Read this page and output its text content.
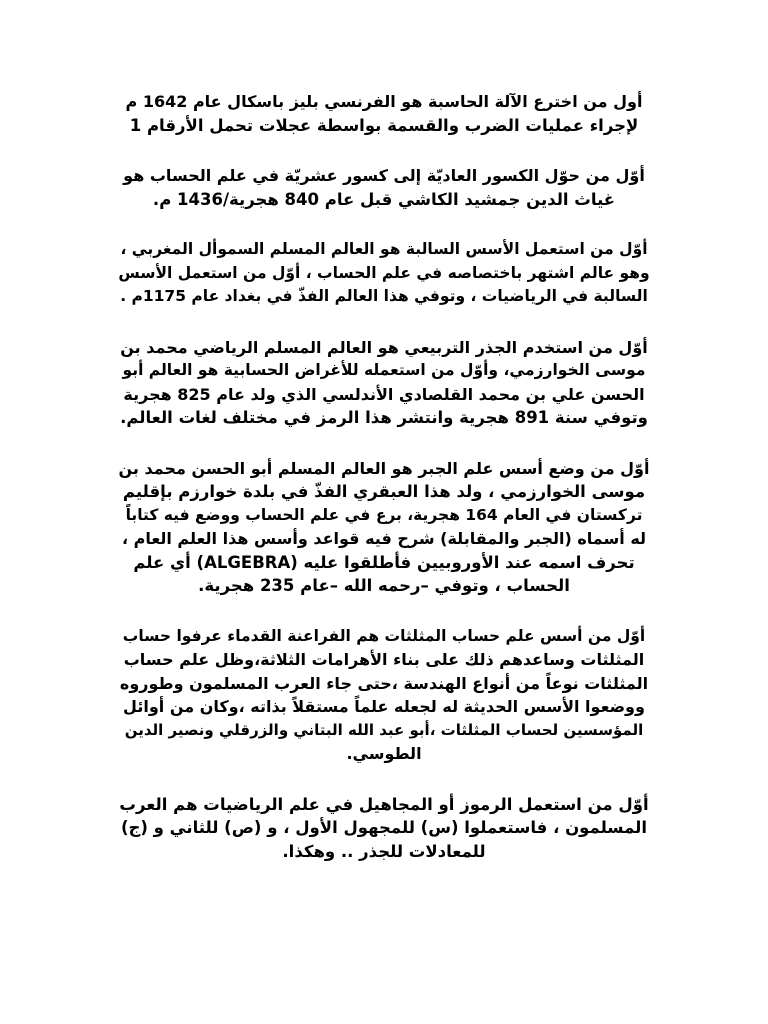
أول من اخترع الآلة الحاسبة هو الفرنسي بليز باسكال عام 1642 م
لإجراء عمليات الضرب والقسمة بواسطة عجلات تحمل الأرقام 1
أوّل من حوّل الكسور العاديّة إلى كسور عشريّة في علم الحساب هو
غياث الدين جمشيد الكاشي قبل عام 840 هجرية/1436 م.
أوّل من استعمل الأسس السالبة هو العالم المسلم السموأل المغربي ،
وهو عالم اشتهر باختصاصه في علم الحساب ، أوّل من استعمل الأسس
السالبة في الرياضيات ، وتوفي هذا العالم الفذّ في بغداد عام 1175م .
أوّل من استخدم الجذر التربيعي هو العالم المسلم الرياضي محمد بن
موسى الخوارزمي، وأوّل من استعمله للأغراض الحسابية هو العالم أبو
الحسن علي بن محمد القلصادي الأندلسي الذي ولد عام 825 هجرية
وتوفي سنة 891 هجرية وانتشر هذا الرمز في مختلف لغات العالم.
أوّل من وضع أسس علم الجبر هو العالم المسلم أبو الحسن محمد بن
موسى الخوارزمي ، ولد هذا العبقري الفذّ في بلدة خوارزم بإقليم
تركستان في العام 164 هجرية، برع في علم الحساب ووضع فيه كتاباً
له أسماه (الجبر والمقابلة) شرح فيه قواعد وأسس هذا العلم العام ،
تحرف اسمه عند الأوروبيين فأطلقوا عليه (ALGEBRA) أي علم
الحساب ، وتوفي –رحمه الله –عام 235 هجرية.
أوّل من أسس علم حساب المثلثات هم الفراعنة القدماء عرفوا حساب
المثلثات وساعدهم ذلك على بناء الأهرامات الثلاثة،وظل علم حساب
المثلثات نوعاً من أنواع الهندسة ،حتى جاء العرب المسلمون وطوروه
ووضعوا الأسس الحديثة له لجعله علماً مستقلاً بذاته ،وكان من أوائل
المؤسسين لحساب المثلثات ،أبو عبد الله البتاني والزرقلي ونصير الدين
الطوسي.
أوّل من استعمل الرموز أو المجاهيل في علم الرياضيات هم العرب
المسلمون ، فاستعملوا (س) للمجهول الأول ، و (ص) للثاني و (ج)
للمعادلات للجذر .. وهكذا.
